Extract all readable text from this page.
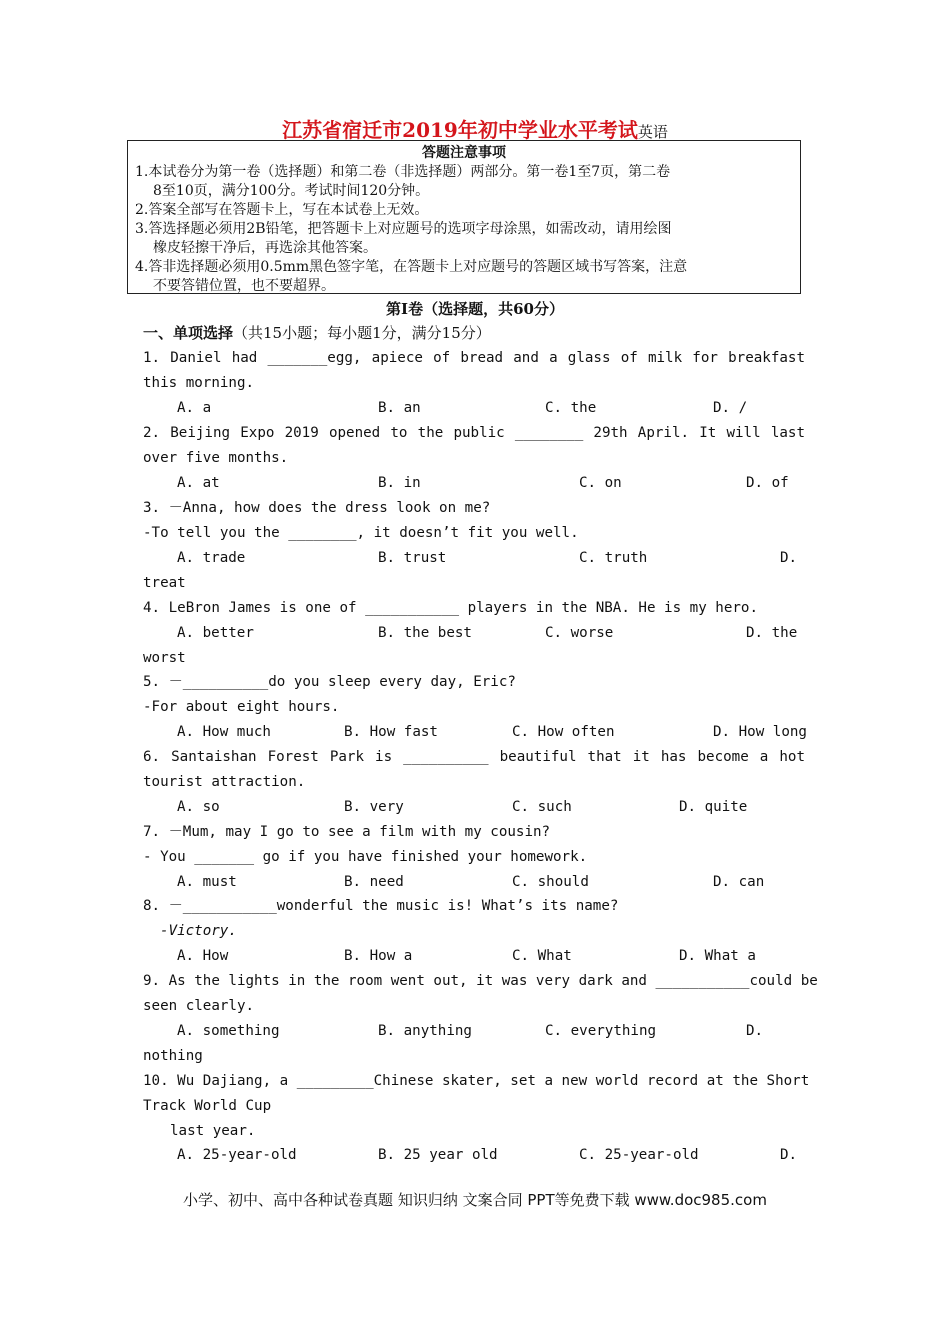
江苏省宿迁市2019年初中学业水平考试英语
答题注意事项
1.本试卷分为第一卷（选择题）和第二卷（非选择题）两部分。第一卷1至7页，第二卷
8至10页，满分100分。考试时间120分钟。
2.答案全部写在答题卡上，写在本试卷上无效。
3.答选择题必须用2B铅笔，把答题卡上对应题号的选项字母涂黑，如需改动，请用绘图
橡皮轻擦干净后，再选涂其他答案。
4.答非选择题必须用0.5mm黑色签字笔，在答题卡上对应题号的答题区域书写答案，注意
不要答错位置，也不要超界。
第Ⅰ卷（选择题，共60分）
一、单项选择（共15小题；每小题1分，满分15分）
1. Daniel had _______egg, apiece of bread and a glass of milk for breakfast
this morning.
A. a	B. an	C. the	D. /
2. Beijing Expo 2019 opened to the public ________ 29th April. It will last
over five months.
A. at	B. in	C. on	D. of
3. －Anna, how does the dress look on me?
-To tell you the ________, it doesn’t fit you well.
A. trade	B. trust	C. truth	D.
treat
4. LeBron James is one of ___________ players in the NBA. He is my hero.
A. better	B. the best	C. worse	D. the
worst
5. －__________do you sleep every day, Eric?
-For about eight hours.
A. How much	B. How fast	C. How often	D. How long
6. Santaishan Forest Park is __________ beautiful that it has become a hot
tourist attraction.
A. so	B. very	C. such	D. quite
7. －Mum, may I go to see a film with my cousin?
- You _______ go if you have finished your homework.
A. must	B. need	C. should	D. can
8. －___________wonderful the music is! What’s its name?
-Victory.
A. How	B. How a	C. What	D. What a
9. As the lights in the room went out, it was very dark and ___________could be
seen clearly.
A. something	B. anything	C. everything	D.
nothing
10. Wu Dajiang, a _________Chinese skater, set a new world record at the Short
Track World Cup
last year.
A. 25-year-old	B. 25 year old	C. 25-year-old	D.
小学、初中、高中各种试卷真题 知识归纳 文案合同 PPT等免费下载 www.doc985.com
